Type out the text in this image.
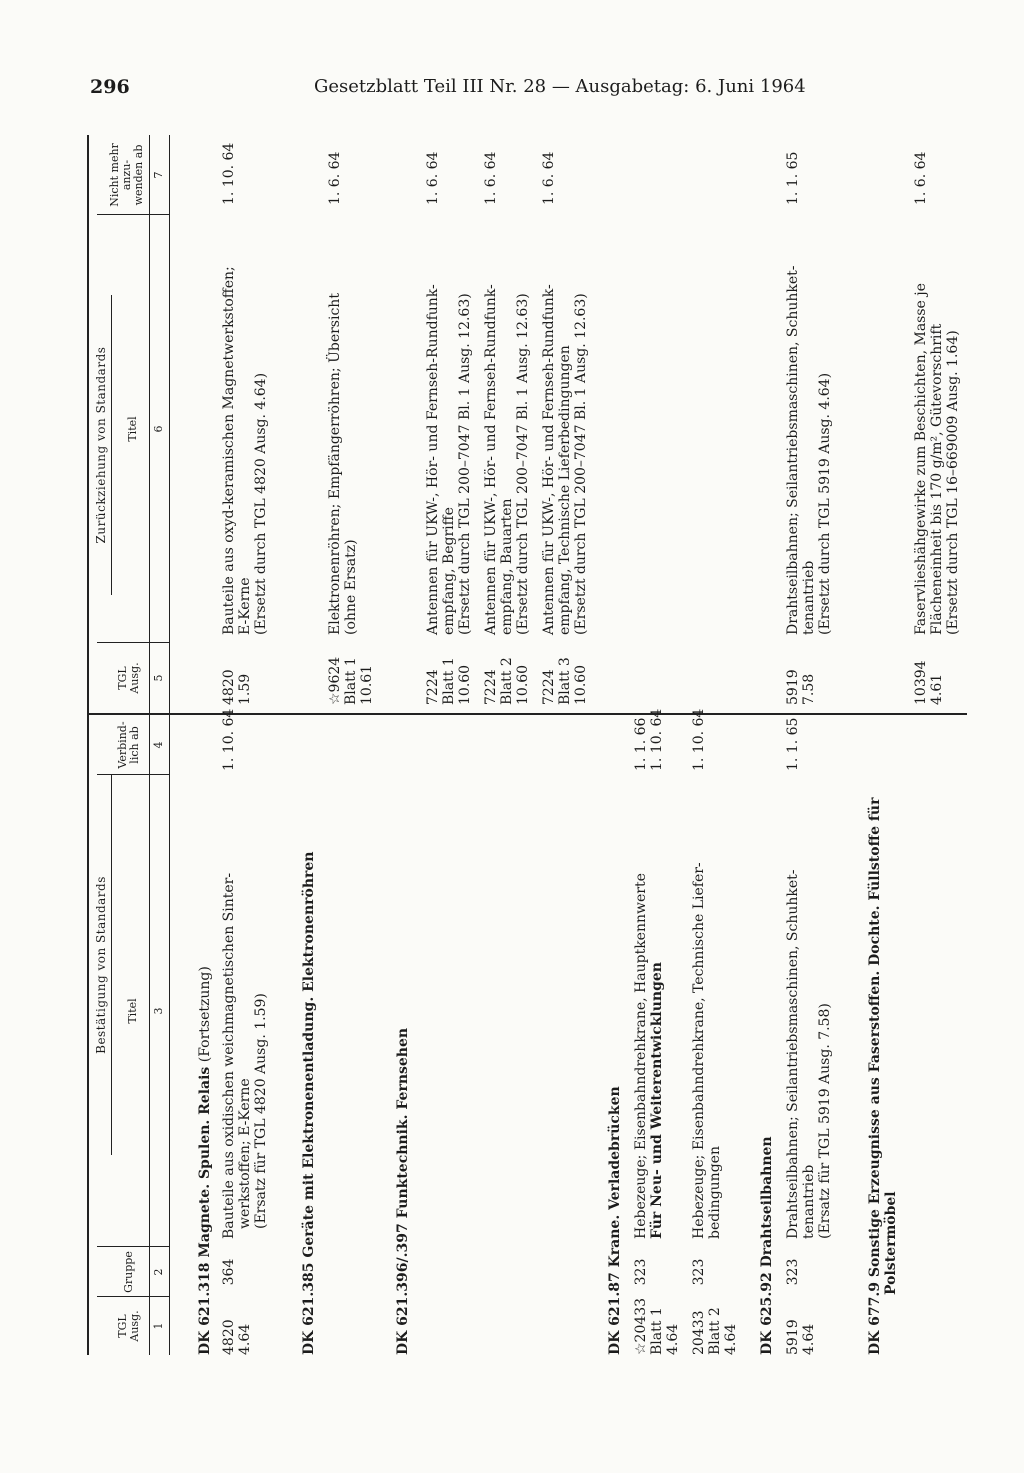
296	Gesetzblatt Teil III Nr. 28 — Ausgabetag: 6. Juni 1964
Bestätigung von Standards
Zurückziehung von Standards
TGL Ausg.
Gruppe
Titel
Verbind- lich ab
TGL Ausg.
Titel
Nicht mehr anzu- wenden ab
1
2
3
4
5
6
7
DK 621.318 Magnete. Spulen. Relais (Fortsetzung)
4820 4.64
364
Bauteile aus oxidischen weichmagnetischen Sinter- werkstoffen; E-Kerne (Ersatz für TGL 4820 Ausg. 1.59)
1. 10. 64
4820 1.59
Bauteile aus oxyd-keramischen Magnetwerkstoffen; E-Kerne (Ersetzt durch TGL 4820 Ausg. 4.64)
1. 10. 64
DK 621.385 Geräte mit Elektronenentladung. Elektronenröhren
☆9624 Blatt 1 10.61
Elektronenröhren; Empfängerröhren; Übersicht (ohne Ersatz)
1. 6. 64
DK 621.396/.397 Funktechnik. Fernsehen
7224 Blatt 1 10.60
Antennen für UKW-, Hör- und Fernseh-Rundfunk- empfang, Begriffe (Ersetzt durch TGL 200–7047 Bl. 1 Ausg. 12.63)
1. 6. 64
7224 Blatt 2 10.60
Antennen für UKW-, Hör- und Fernseh-Rundfunk- empfang, Bauarten (Ersetzt durch TGL 200–7047 Bl. 1 Ausg. 12.63)
1. 6. 64
7224 Blatt 3 10.60
Antennen für UKW-, Hör- und Fernseh-Rundfunk- empfang, Technische Lieferbedingungen (Ersetzt durch TGL 200–7047 Bl. 1 Ausg. 12.63)
1. 6. 64
DK 621.87 Krane. Verladebrücken ☆20433 Blatt 1 4.64
323
Hebezeuge; Eisenbahndrehkrane, Hauptkennwerte Für Neu- und Weiterentwicklungen
1. 1. 66 1. 10. 64
20433 Blatt 2 4.64
323
Hebezeuge; Eisenbahndrehkrane, Technische Liefer- bedingungen
1. 10. 64
DK 625.92 Drahtseilbahnen 5919 4.64
323
Drahtseilbahnen; Seilantriebsmaschinen, Schuhket- tenantrieb (Ersatz für TGL 5919 Ausg. 7.58)
1. 1. 65
5919 7.58
Drahtseilbahnen; Seilantriebsmaschinen, Schuhket- tenantrieb (Ersetzt durch TGL 5919 Ausg. 4.64)
1. 1. 65
DK 677.9 Sonstige Erzeugnisse aus Faserstoffen. Dochte. Füllstoffe für Polstermöbel
10394 4.61
Faservlieshähgewirke zum Beschichten, Masse je Flächeneinheit bis 170 g/m², Gütevorschrift (Ersetzt durch TGL 16–669009 Ausg. 1.64)
1. 6. 64
